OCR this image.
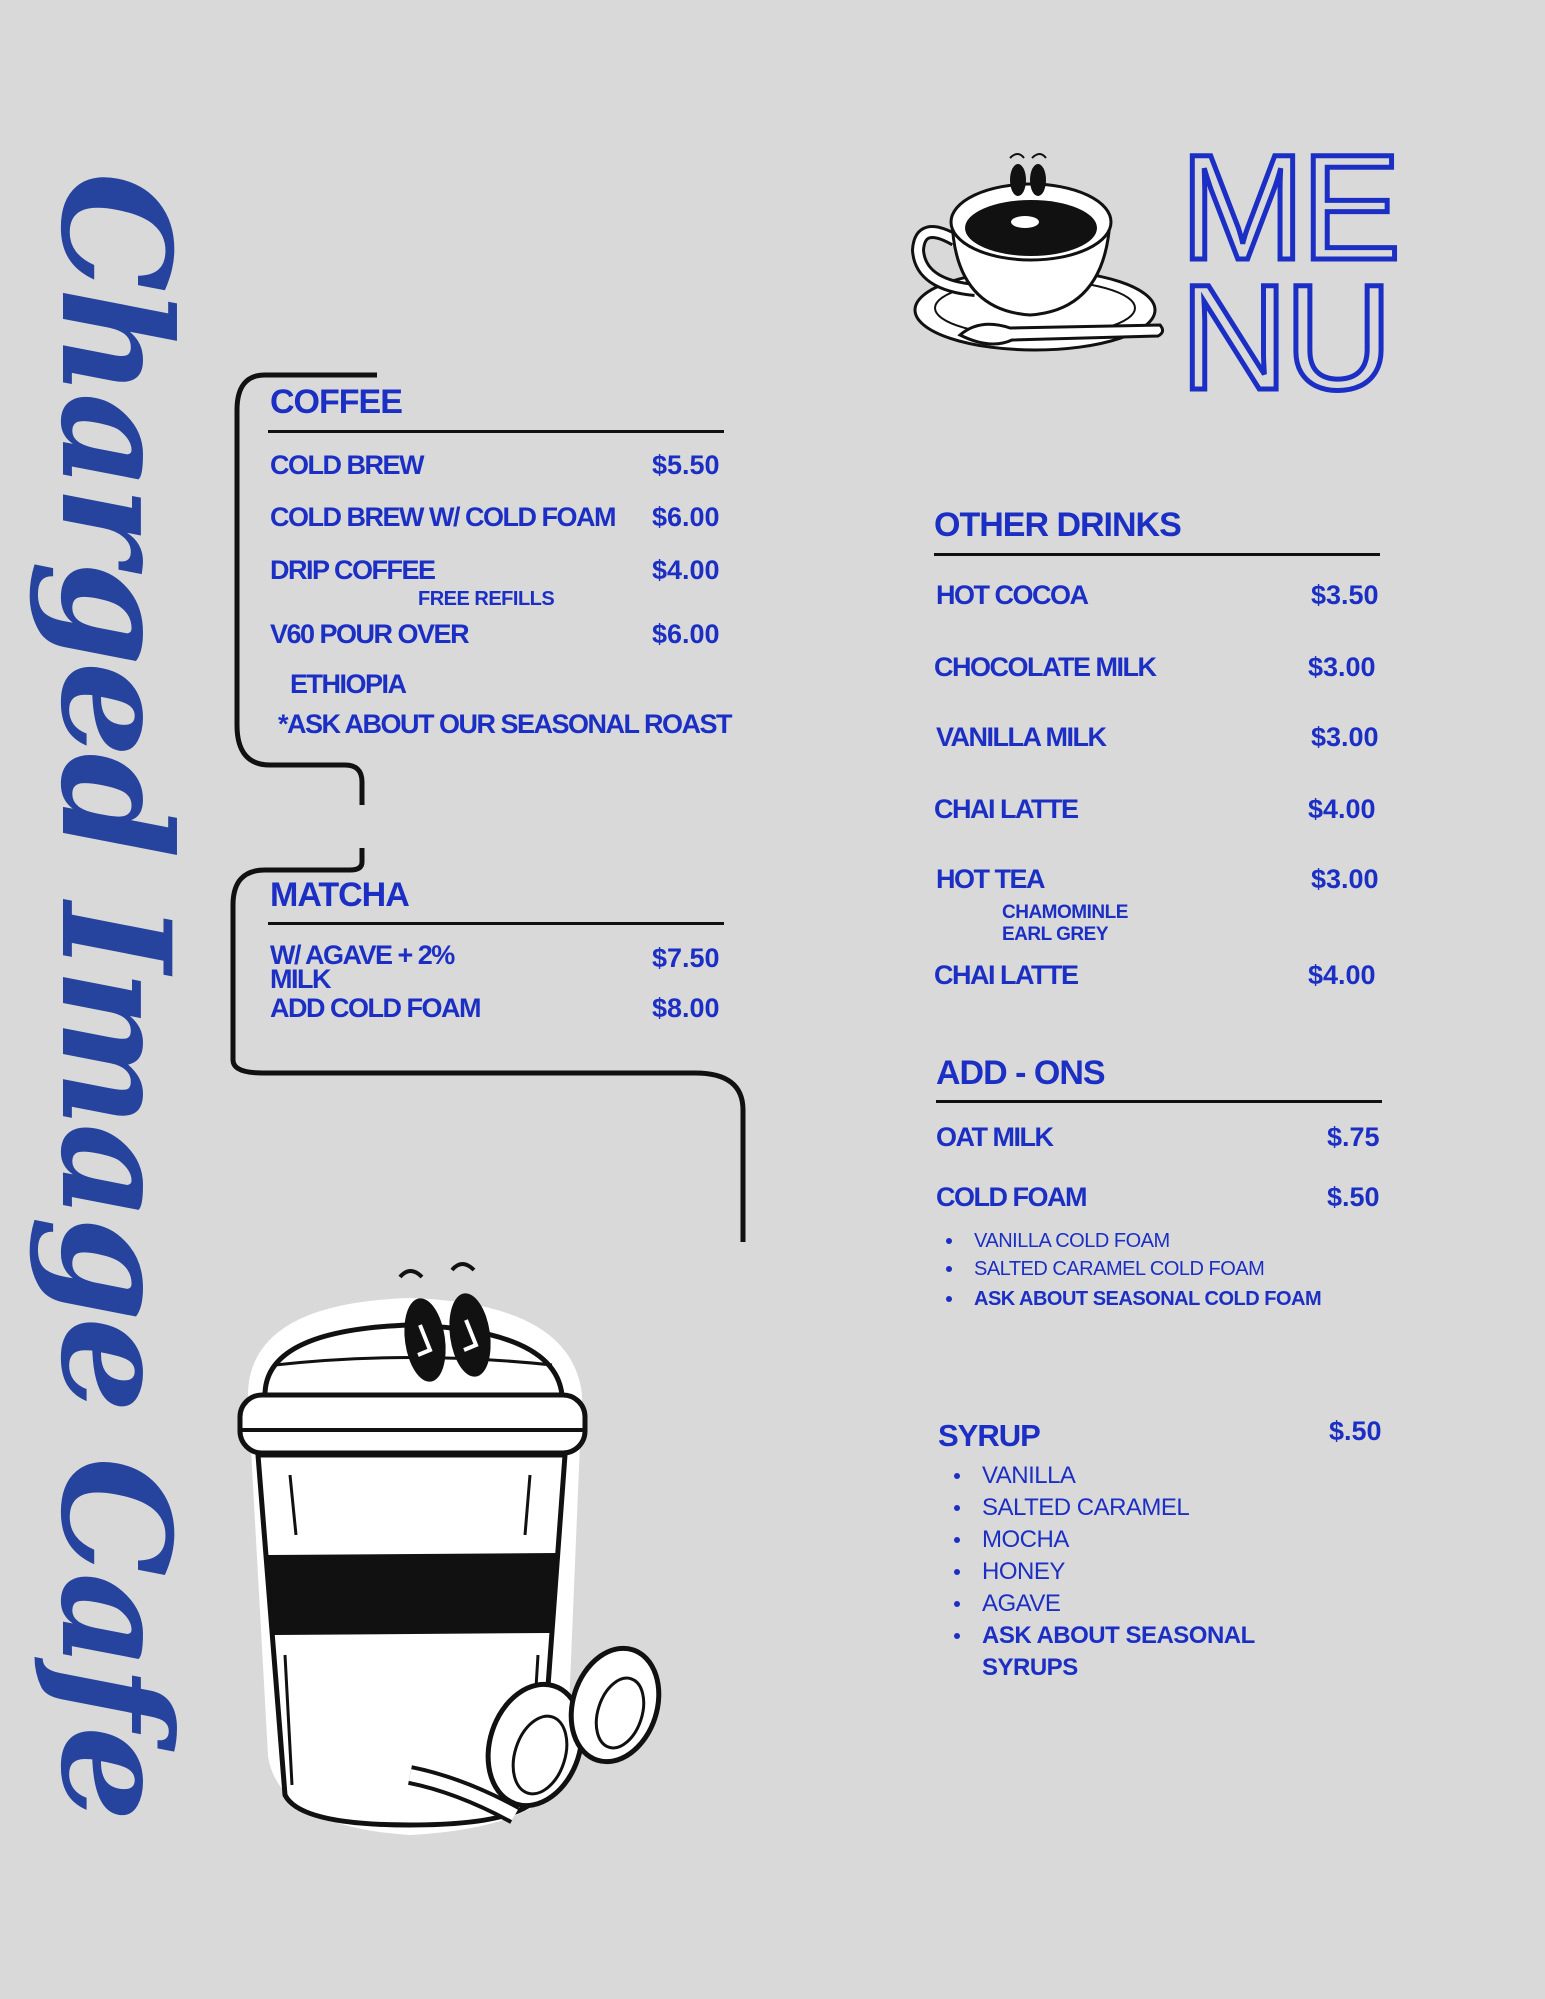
Charged Image Cafe	ME
NU
COFFEE
COLD BREW	$5.50
COLD BREW W/ COLD FOAM $6.00
DRIP COFFEE	$4.00
FREE REFILLS
V60 POUR OVER	$6.00
ETHIOPIA
*ASK ABOUT OUR SEASONAL ROAST
MATCHA
W/ AGAVE + 2%
MILK
$7.50
ADD COLD FOAM	$8.00
OTHER DRINKS
HOT COCOA	$3.50
CHOCOLATE MILK	$3.00
VANILLA MILK	$3.00
CHAI LATTE	$4.00
HOT TEA	$3.00
CHAMOMINLE
EARL GREY
CHAI LATTE	$4.00
ADD - ONS
OAT MILK	$.75
COLD FOAM	$.50
VANILLA COLD FOAM
SALTED CARAMEL COLD FOAM
ASK ABOUT SEASONAL COLD FOAM
SYRUP	$.50
VANILLA
SALTED CARAMEL
MOCHA
HONEY
AGAVE
ASK ABOUT SEASONAL
SYRUPS
